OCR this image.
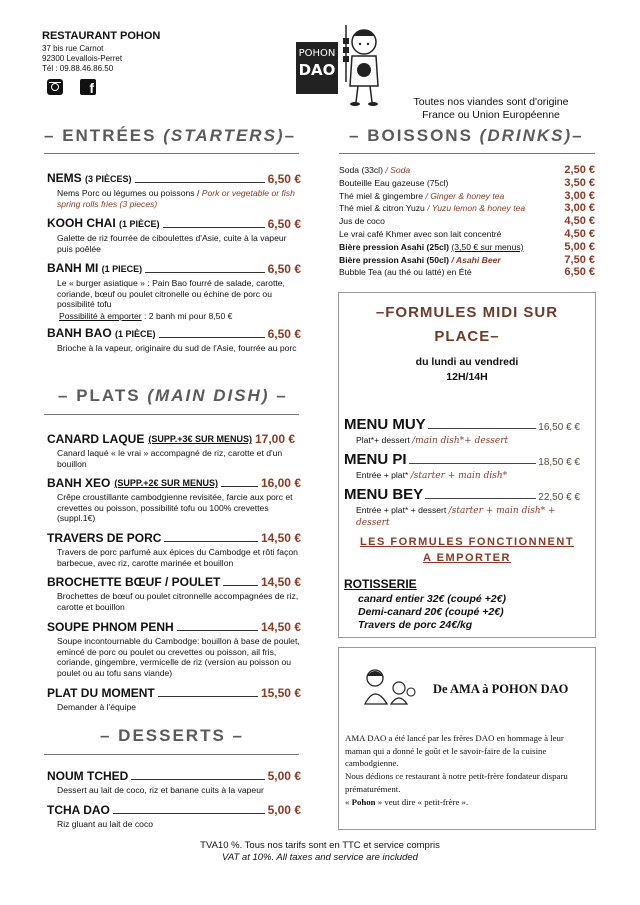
RESTAURANT POHON
37 bis rue Carnot
92300 Levallois-Perret
Tél : 09.88.46.86.50
f
POHON
DAO
Toutes nos viandes sont d'origine
France ou Union Européenne
– ENTRÉES (STARTERS)–	– BOISSONS (DRINKS)–
NEMS (3 PIÈCES)	6,50 €
Nems Porc ou légumes ou poissons / Pork or vegetable or fish spring rolls fries (3 pieces)
KOOH CHAI (1 PIÈCE)	6,50 €
Galette de riz fourrée de ciboulettes d'Asie, cuite à la vapeur puis poêlée
BANH MI (1 PIECE)	6,50 €
Le « burger asiatique » : Pain Bao fourré de salade, carotte, coriande, bœuf ou poulet citronelle ou échine de porc ou possibilité tofu
Possibilité à emporter : 2 banh mi pour 8,50 €
BANH BAO (1 PIÈCE)	6,50 €
Brioche à la vapeur, originaire du sud de l'Asie, fourrée au porc
– PLATS (MAIN DISH) –
CANARD LAQUE (SUPP.+3€ SUR MENUS) 17,00 €
Canard laqué « le vrai » accompagné de riz, carotte et d'un bouillon
BANH XEO (SUPP.+2€ SUR MENUS)	16,00 €
Crêpe croustillante cambodgienne revisitée, farcie aux porc et crevettes ou poisson, possibilité tofu ou 100% crevettes (suppl.1€)
TRAVERS DE PORC	14,50 €
Travers de porc parfumé aux épices du Cambodge et rôti façon barbecue, avec riz, carotte marinée et bouillon
BROCHETTE BŒUF / POULET	14,50 €
Brochettes de bœuf ou poulet citronnelle accompagnées de riz, carotte et bouillon
SOUPE PHNOM PENH	14,50 €
Soupe incontournable du Cambodge: bouillon à base de poulet, emincé de porc ou poulet ou crevettes ou poisson, ail fris, coriande, gingembre, vermicelle de riz (version au poisson ou poulet ou au tofu sans viande)
PLAT DU MOMENT	15,50 €
Demander à l'équipe
– DESSERTS –
NOUM TCHED	5,00 €
Dessert au lait de coco, riz et banane cuits à la vapeur
TCHA DAO	5,00 €
Riz gluant au lait de coco
Soda (33cl) / Soda	2,50 €
Bouteille Eau gazeuse (75cl)	3,50 €
Thé miel & gingembre / Ginger & honey tea	3,00 €
Thé miel & citron Yuzu / Yuzu lemon & honey tea	3,00 €
Jus de coco	4,50 €
Le vrai café Khmer avec son lait concentré	4,50 €
Bière pression Asahi (25cl) (3,50 € sur menus)	5,00 €
Bière pression Asahi (50cl) / Asahi Beer	7,50 €
Bubble Tea (au thé ou latté) en Été	6,50 €
–FORMULES MIDI SUR
PLACE–
du lundi au vendredi
12H/14H
MENU MUY	16,50 € €
Plat*+ dessert /main dish*+ dessert
MENU PI	18,50 € €
Entrée + plat* /starter + main dish*
MENU BEY	22,50 € €
Entrée + plat* + dessert /starter + main dish* + dessert
LES FORMULES FONCTIONNENT
A EMPORTER
ROTISSERIE
canard entier 32€ (coupé +2€)
Demi-canard 20€ (coupé +2€)
Travers de porc 24€/kg
De AMA à POHON DAO
AMA DAO a été lancé par les frères DAO en hommage à leur maman qui a donné le goût et le savoir-faire de la cuisine cambodgienne.
Nous dédions ce restaurant à notre petit-frère fondateur disparu prématurément.
« Pohon » veut dire « petit-frère ».
TVA10 %. Tous nos tarifs sont en TTC et service compris
VAT at 10%. All taxes and service are included
